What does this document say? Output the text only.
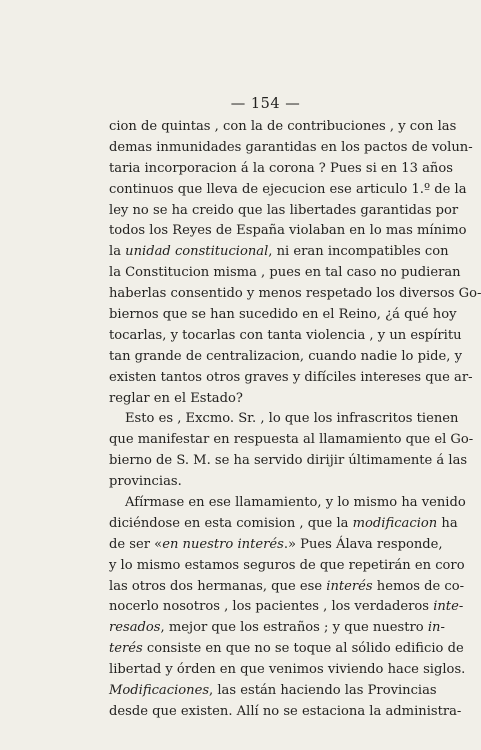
— 154 —
cion de quintas , con la de contribuciones , y con las
demas inmunidades garantidas en los pactos de volun-
taria incorporacion á la corona ? Pues si en 13 años
continuos que lleva de ejecucion ese articulo 1.º de la
ley no se ha creido que las libertades garantidas por
todos los Reyes de España violaban en lo mas mínimo
la unidad constitucional, ni eran incompatibles con
la Constitucion misma , pues en tal caso no pudieran
haberlas consentido y menos respetado los diversos Go-
biernos que se han sucedido en el Reino, ¿á qué hoy
tocarlas, y tocarlas con tanta violencia , y un espíritu
tan grande de centralizacion, cuando nadie lo pide, y
existen tantos otros graves y difíciles intereses que ar-
reglar en el Estado?
Esto es , Excmo. Sr. , lo que los infrascritos tienen
que manifestar en respuesta al llamamiento que el Go-
bierno de S. M. se ha servido dirijir últimamente á las
provincias.
Afírmase en ese llamamiento, y lo mismo ha venido
diciéndose en esta comision , que la modificacion ha
de ser «en nuestro interés.» Pues Álava responde,
y lo mismo estamos seguros de que repetirán en coro
las otros dos hermanas, que ese interés hemos de co-
nocerlo nosotros , los pacientes , los verdaderos inte-
resados, mejor que los estraños ; y que nuestro in-
terés consiste en que no se toque al sólido edificio de
libertad y órden en que venimos viviendo hace siglos.
Modificaciones, las están haciendo las Provincias
desde que existen. Allí no se estaciona la administra-
